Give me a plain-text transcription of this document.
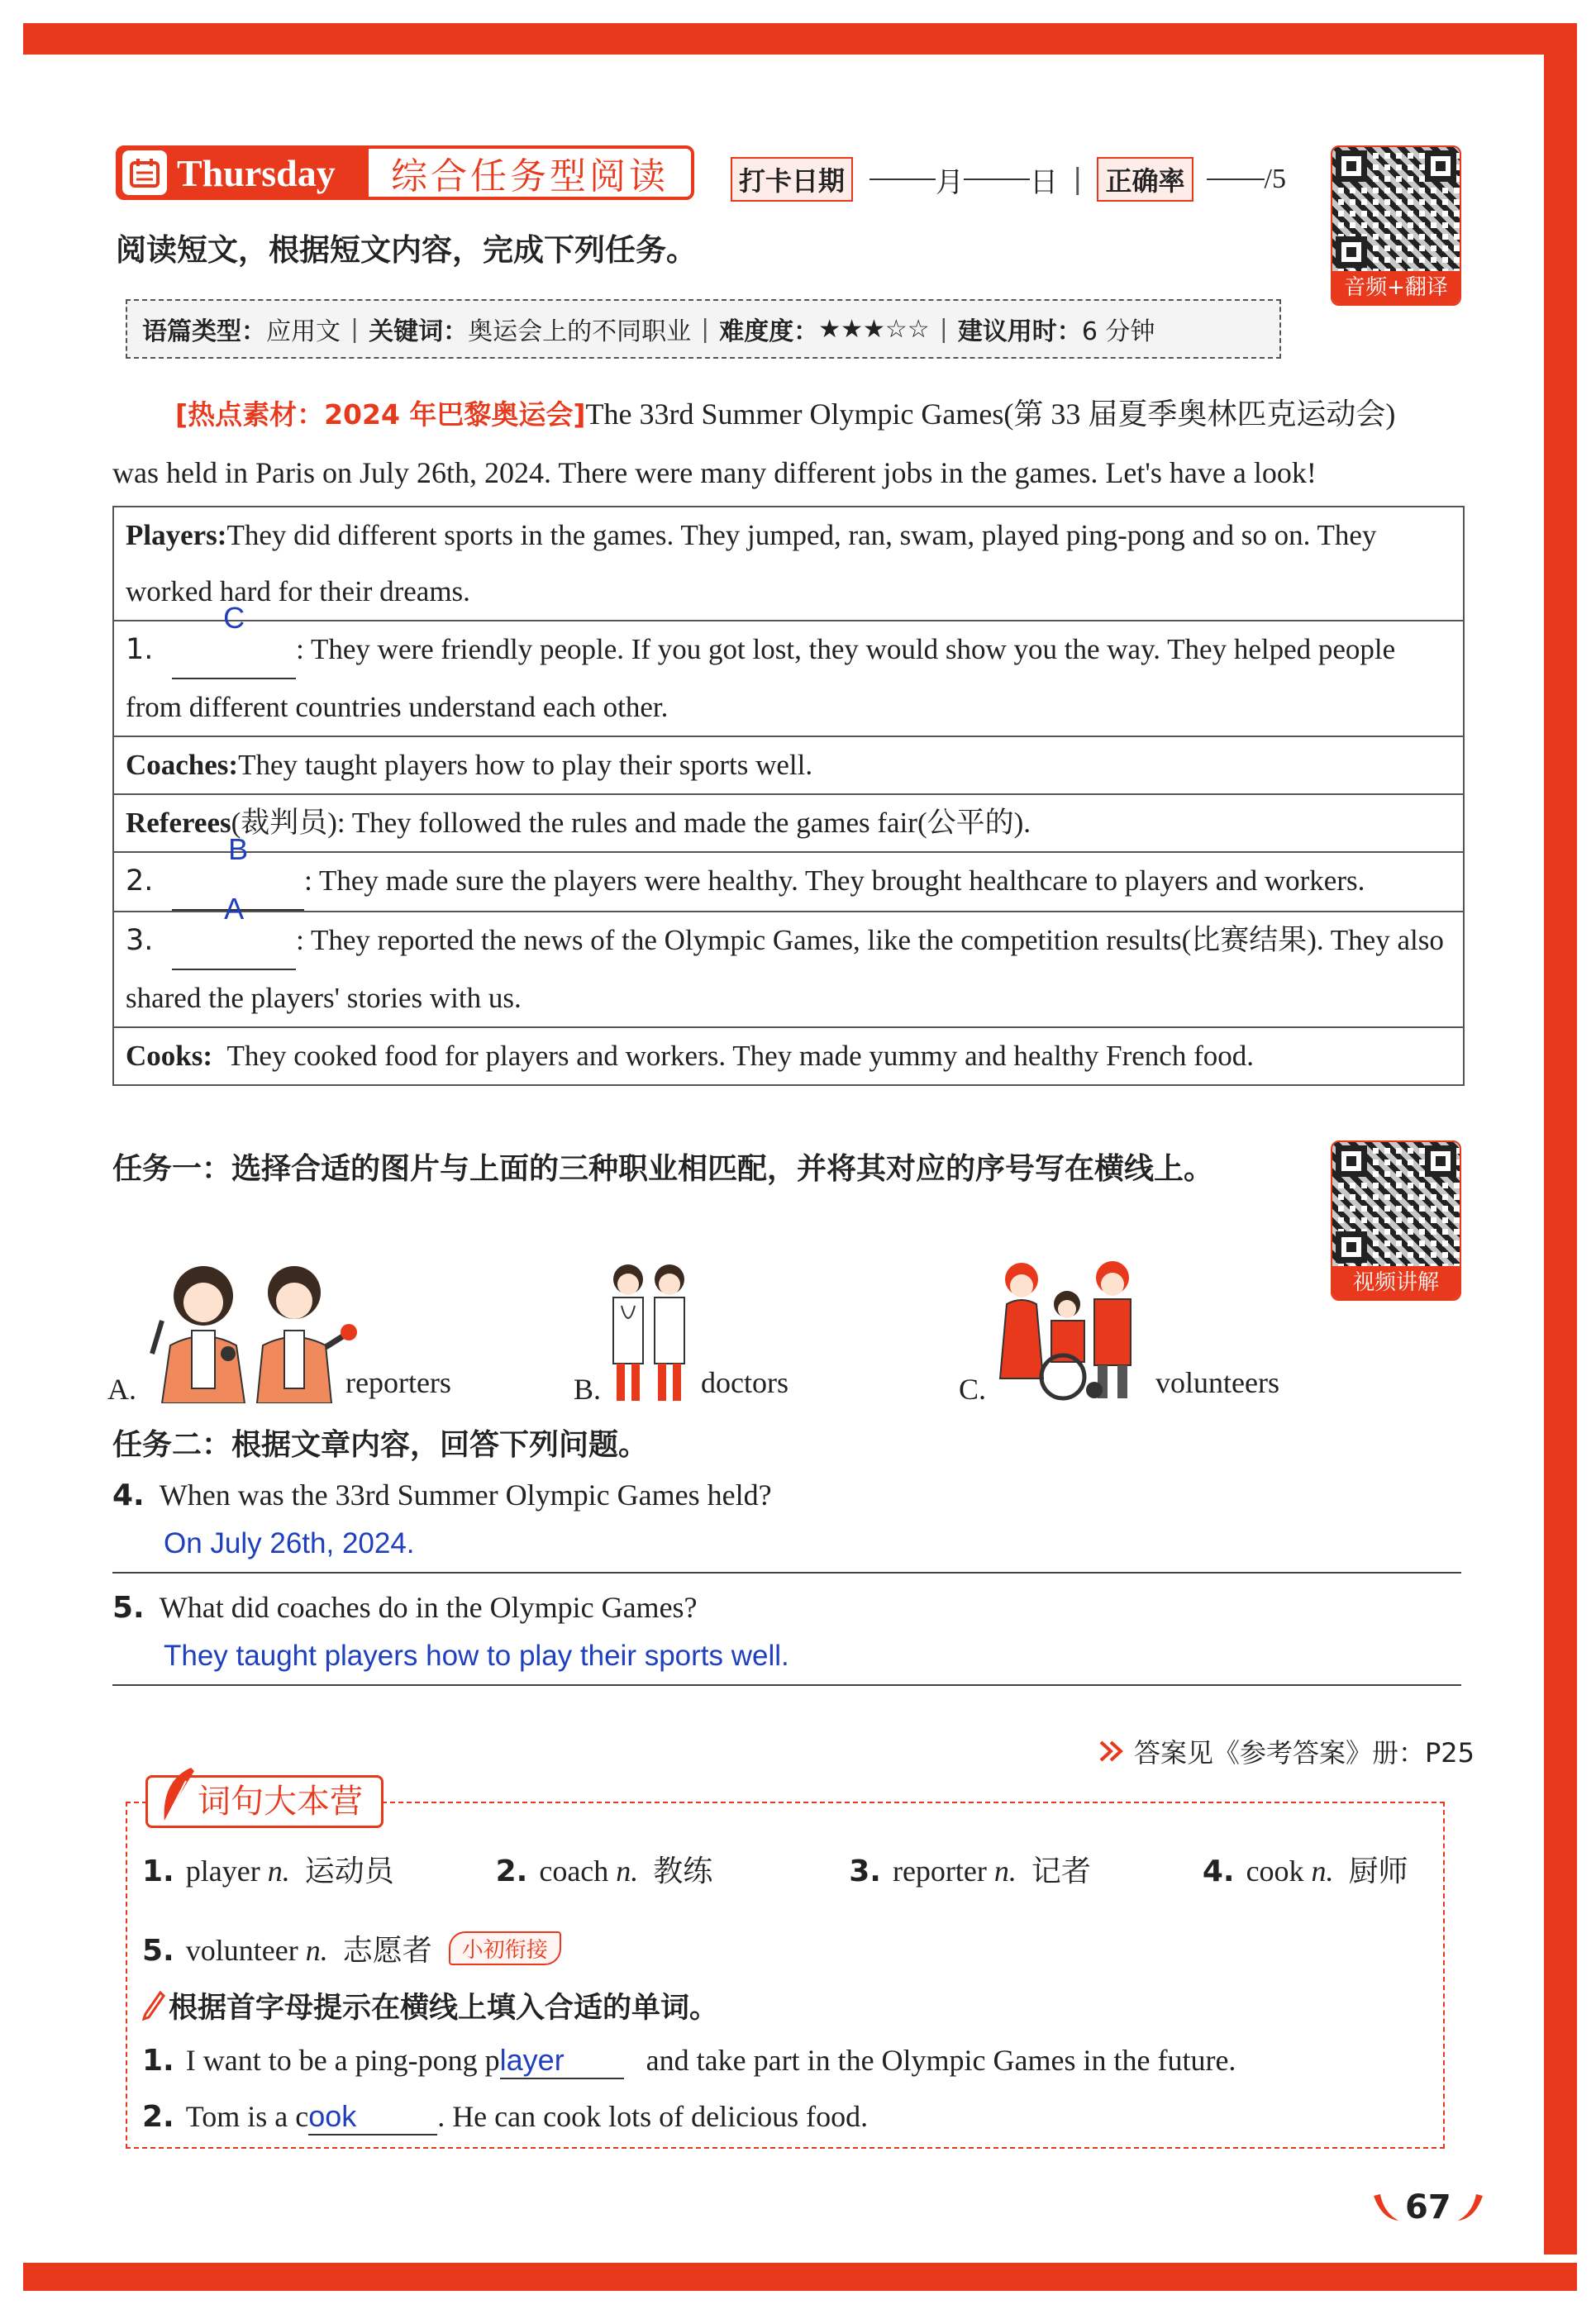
Thursday 综合任务型阅读	打卡日期	月 日 | 正确率	/5
音频+翻译
阅读短文，根据短文内容，完成下列任务。
语篇类型： 应用文 | 关键词： 奥运会上的不同职业 | 难度度： ★★★☆☆ | 建议用时： 6 分钟
[热点素材：2024 年巴黎奥运会]The 33rd Summer Olympic Games(第 33 届夏季奥林匹克运动会)
was held in Paris on July 26th, 2024. There were many different jobs in the games. Let's have a look!
Players:They did different sports in the games. They jumped, ran, swam, played ping-pong and so on. They worked hard for their dreams.
1.
C
: They were friendly people. If you got lost, they would show you the way. They helped people from different countries understand each other.
Coaches:They taught players how to play their sports well.
Referees(裁判员): They followed the rules and made the games fair(公平的).
2.
B
: They made sure the players were healthy. They brought healthcare to players and workers.
3.
A
: They reported the news of the Olympic Games, like the competition results(比赛结果). They also shared the players' stories with us.
Cooks: They cooked food for players and workers. They made yummy and healthy French food.
任务一：选择合适的图片与上面的三种职业相匹配，并将其对应的序号写在横线上。
视频讲解
A.	reporters	B.	doctors	C.	volunteers
任务二：根据文章内容，回答下列问题。
4. When was the 33rd Summer Olympic Games held?
On July 26th, 2024.
5. What did coaches do in the Olympic Games?
They taught players how to play their sports well.
答案见《参考答案》册：P25
词句大本营
1. player n. 运动员	2. coach n. 教练	3. reporter n. 记者	4. cook n. 厨师
5. volunteer n. 志愿者	小初衔接
根据首字母提示在横线上填入合适的单词。
1. I want to be a ping-pong player	and take part in the Olympic Games in the future.
2. Tom is a cook	. He can cook lots of delicious food.
67
